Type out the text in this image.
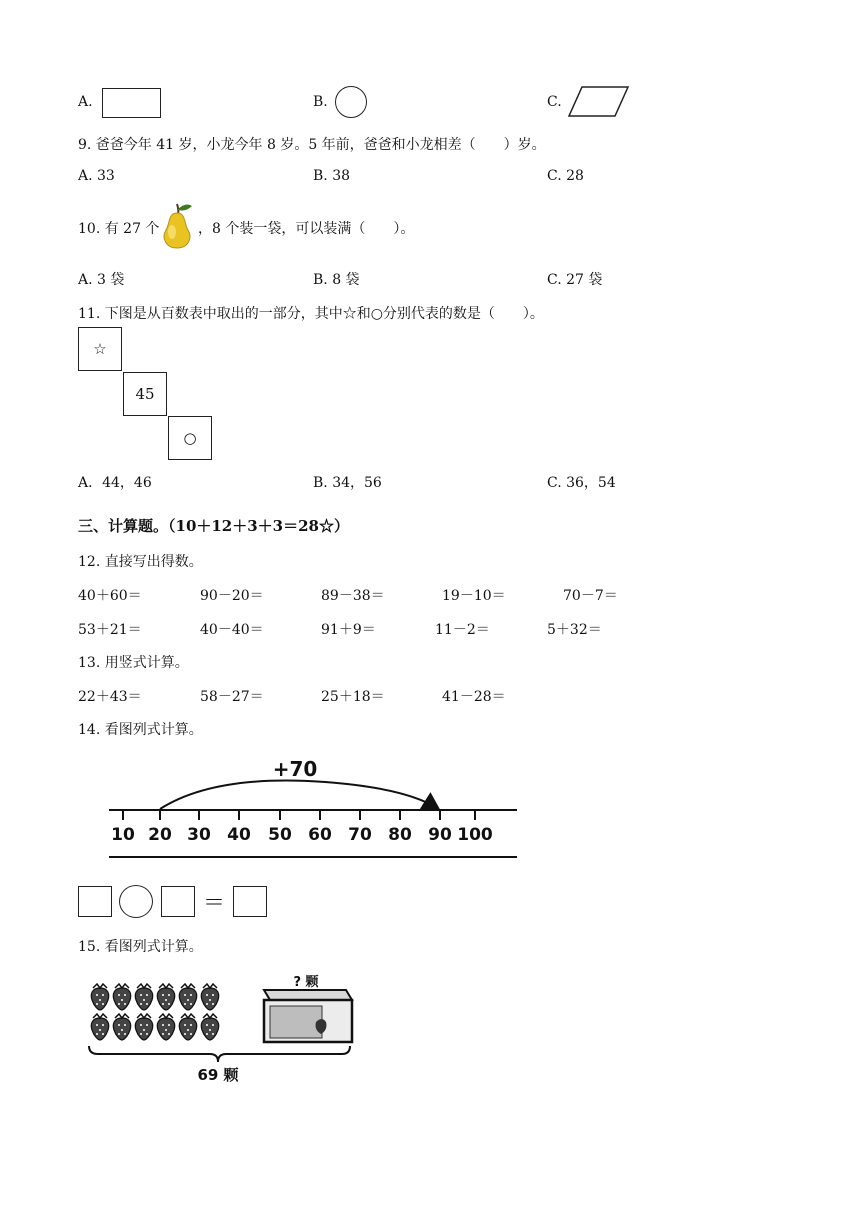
A.	B.	C.
9. 爸爸今年 41 岁，小龙今年 8 岁。5 年前，爸爸和小龙相差（　　）岁。
A. 33	B. 38	C. 28
10. 有 27 个	，8 个装一袋，可以装满（　　）。
A. 3 袋	B. 8 袋	C. 27 袋
11. 下图是从百数表中取出的一部分，其中☆和○分别代表的数是（　　）。
☆
45
○
A．44，46	B. 34，56	C. 36，54
三、计算题。（10＋12＋3＋3＝28☆）
12. 直接写出得数。
40＋60＝	90－20＝	89－38＝	19－10＝	70－7＝
53＋21＝	40－40＝	91＋9＝	11－2＝	5＋32＝
13. 用竖式计算。
22＋43＝	58－27＝	25＋18＝	41－28＝
14. 看图列式计算。
+70
10 20 30 40 50 60 70 80 90 100
＝
15. 看图列式计算。
? 颗
69 颗
